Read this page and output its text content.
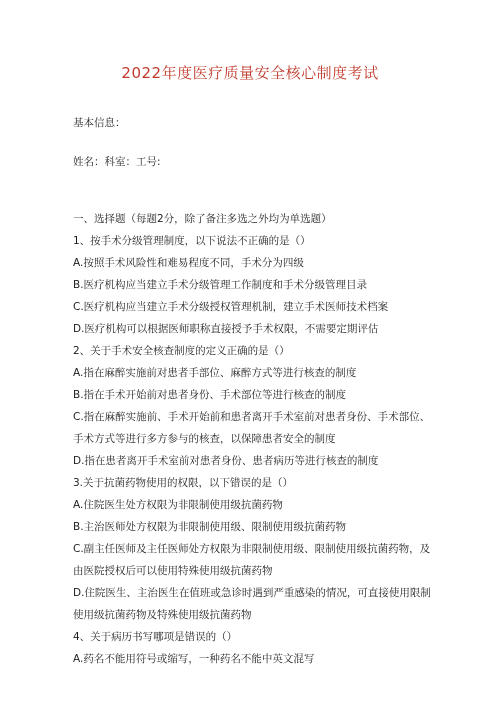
2022年度医疗质量安全核心制度考试
基本信息：
姓名：科室：工号:
一、选择题（每题2分，除了备注多选之外均为单选题）
1、按手术分级管理制度，以下说法不正确的是（）
A.按照手术风险性和难易程度不同，手术分为四级
B.医疗机构应当建立手术分级管理工作制度和手术分级管理目录
C.医疗机构应当建立手术分级授权管理机制，建立手术医师技术档案
D.医疗机构可以根据医师职称直接授予手术权限，不需要定期评估
2、关于手术安全核查制度的定义正确的是（）
A.指在麻醉实施前对患者手部位、麻醉方式等进行核查的制度
B.指在手术开始前对患者身份、手术部位等进行核查的制度
C.指在麻醉实施前、手术开始前和患者离开手术室前对患者身份、手术部位、
手术方式等进行多方参与的核查，以保障患者安全的制度
D.指在患者离开手术室前对患者身份、患者病历等进行核查的制度
3.关于抗菌药物使用的权限，以下错误的是（）
A.住院医生处方权限为非限制使用级抗菌药物
B.主治医师处方权限为非限制使用级、限制使用级抗菌药物
C.副主任医师及主任医师处方权限为非限制使用级、限制使用级抗菌药物，及
由医院授权后可以使用特殊使用级抗菌药物
D.住院医生、主治医生在值班或急诊时遇到严重感染的情况，可直接使用限制
使用级抗菌药物及特殊使用级抗菌药物
4、关于病历书写哪项是错误的（）
A.药名不能用符号或缩写，一种药名不能中英文混写
